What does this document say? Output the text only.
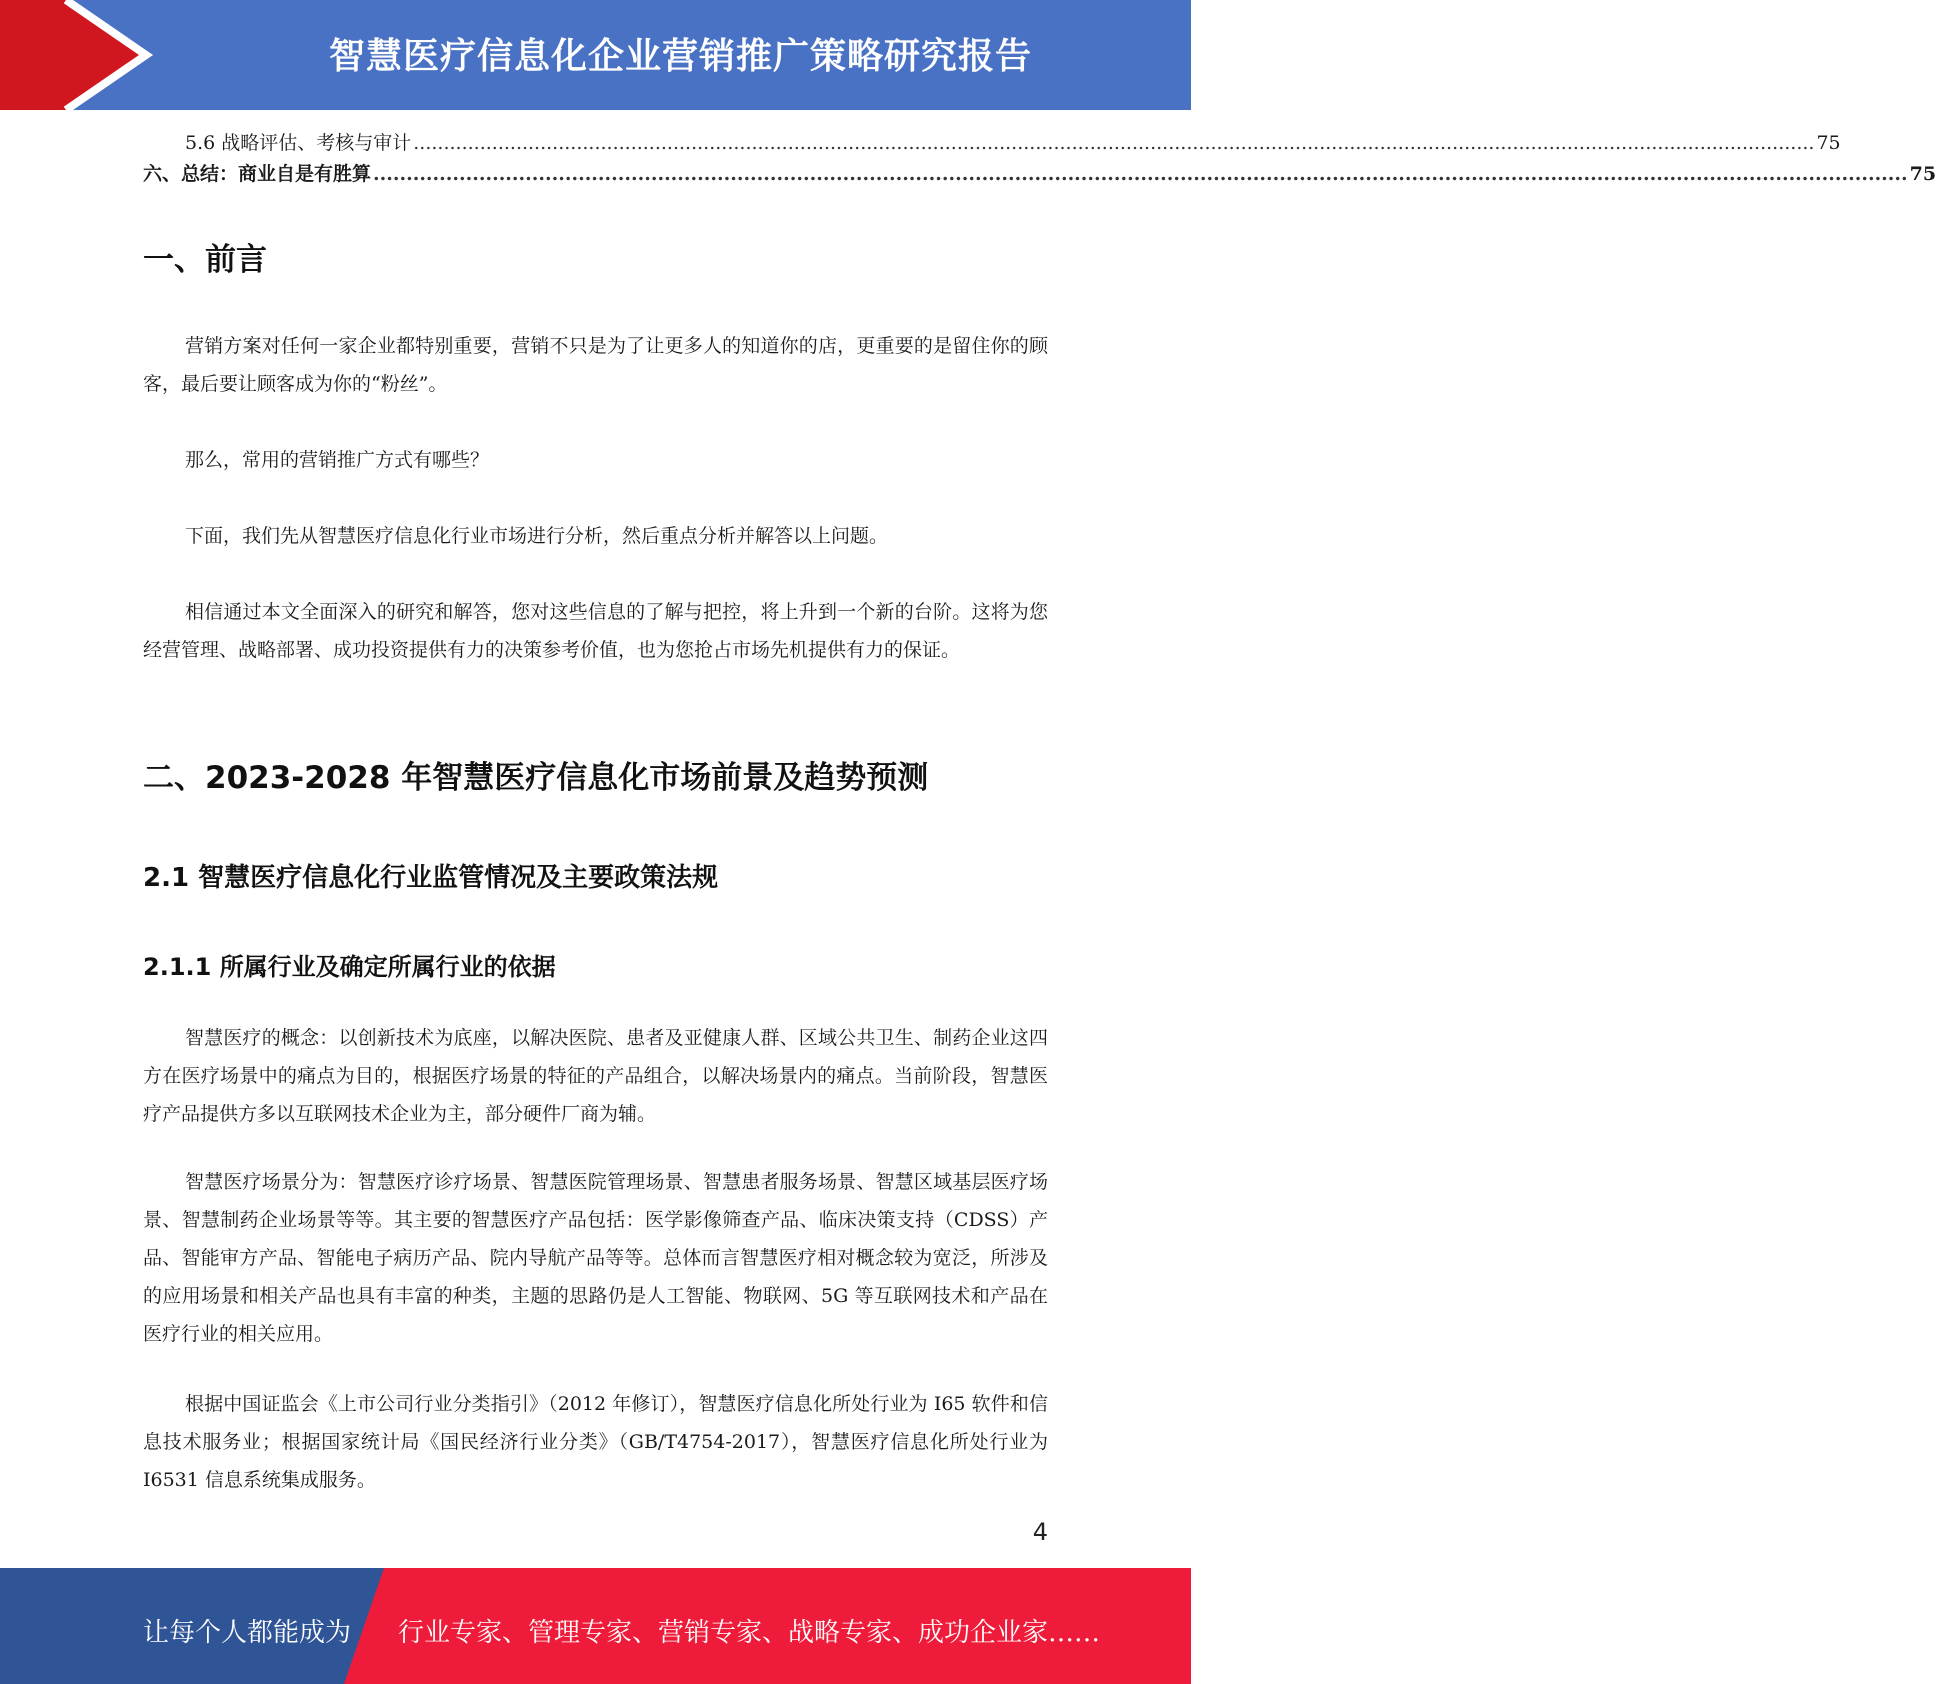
智慧医疗信息化企业营销推广策略研究报告
5.6 战略评估、考核与审计 ........................................................................................................................................................................................................................................ 75
六、总结：商业自是有胜算 ........................................................................................................................................................................................................................................ 75
一、前言

营销方案对任何一家企业都特别重要，营销不只是为了让更多人的知道你的店，更重要的是留住你的顾客，最后要让顾客成为你的“粉丝”。

那么，常用的营销推广方式有哪些？

下面，我们先从智慧医疗信息化行业市场进行分析，然后重点分析并解答以上问题。

相信通过本文全面深入的研究和解答，您对这些信息的了解与把控，将上升到一个新的台阶。这将为您经营管理、战略部署、成功投资提供有力的决策参考价值，也为您抢占市场先机提供有力的保证。

二、2023-2028 年智慧医疗信息化市场前景及趋势预测
2.1 智慧医疗信息化行业监管情况及主要政策法规
2.1.1 所属行业及确定所属行业的依据

智慧医疗的概念：以创新技术为底座，以解决医院、患者及亚健康人群、区域公共卫生、制药企业这四方在医疗场景中的痛点为目的，根据医疗场景的特征的产品组合，以解决场景内的痛点。当前阶段，智慧医疗产品提供方多以互联网技术企业为主，部分硬件厂商为辅。

智慧医疗场景分为：智慧医疗诊疗场景、智慧医院管理场景、智慧患者服务场景、智慧区域基层医疗场景、智慧制药企业场景等等。其主要的智慧医疗产品包括：医学影像筛查产品、临床决策支持（CDSS）产品、智能审方产品、智能电子病历产品、院内导航产品等等。总体而言智慧医疗相对概念较为宽泛，所涉及的应用场景和相关产品也具有丰富的种类，主题的思路仍是人工智能、物联网、5G 等互联网技术和产品在医疗行业的相关应用。

根据中国证监会《上市公司行业分类指引》（2012 年修订），智慧医疗信息化所处行业为 I65 软件和信息技术服务业；根据国家统计局《国民经济行业分类》（GB/T4754-2017），智慧医疗信息化所处行业为 I6531 信息系统集成服务。

4
让每个人都能成为 行业专家、管理专家、营销专家、战略专家、成功企业家……
